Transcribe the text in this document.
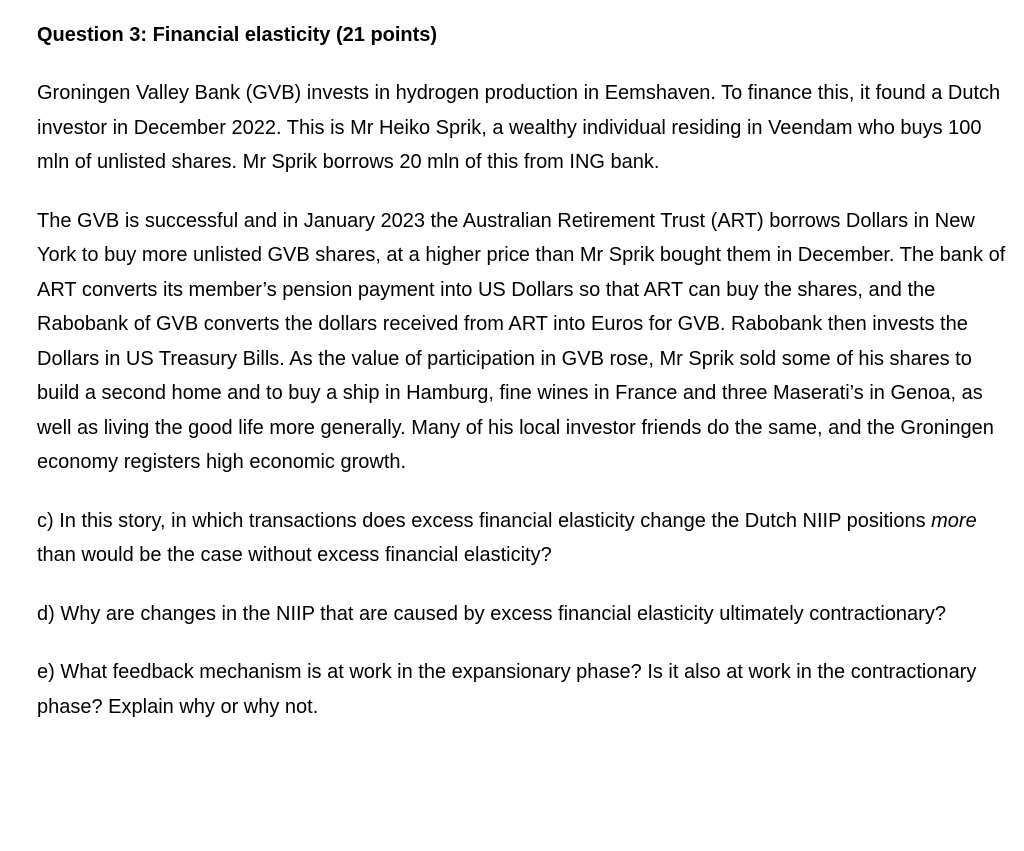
Question 3: Financial elasticity (21 points)

Groningen Valley Bank (GVB) invests in hydrogen production in Eemshaven. To finance this, it found a Dutch investor in December 2022. This is Mr Heiko Sprik, a wealthy individual residing in Veendam who buys 100 mln of unlisted shares. Mr Sprik borrows 20 mln of this from ING bank.

The GVB is successful and in January 2023 the Australian Retirement Trust (ART) borrows Dollars in New York to buy more unlisted GVB shares, at a higher price than Mr Sprik bought them in December. The bank of ART converts its member’s pension payment into US Dollars so that ART can buy the shares, and the Rabobank of GVB converts the dollars received from ART into Euros for GVB. Rabobank then invests the Dollars in US Treasury Bills. As the value of participation in GVB rose, Mr Sprik sold some of his shares to build a second home and to buy a ship in Hamburg, fine wines in France and three Maserati’s in Genoa, as well as living the good life more generally. Many of his local investor friends do the same, and the Groningen economy registers high economic growth.

c) In this story, in which transactions does excess financial elasticity change the Dutch NIIP positions more than would be the case without excess financial elasticity?

d) Why are changes in the NIIP that are caused by excess financial elasticity ultimately contractionary?

e) What feedback mechanism is at work in the expansionary phase? Is it also at work in the contractionary phase? Explain why or why not.
